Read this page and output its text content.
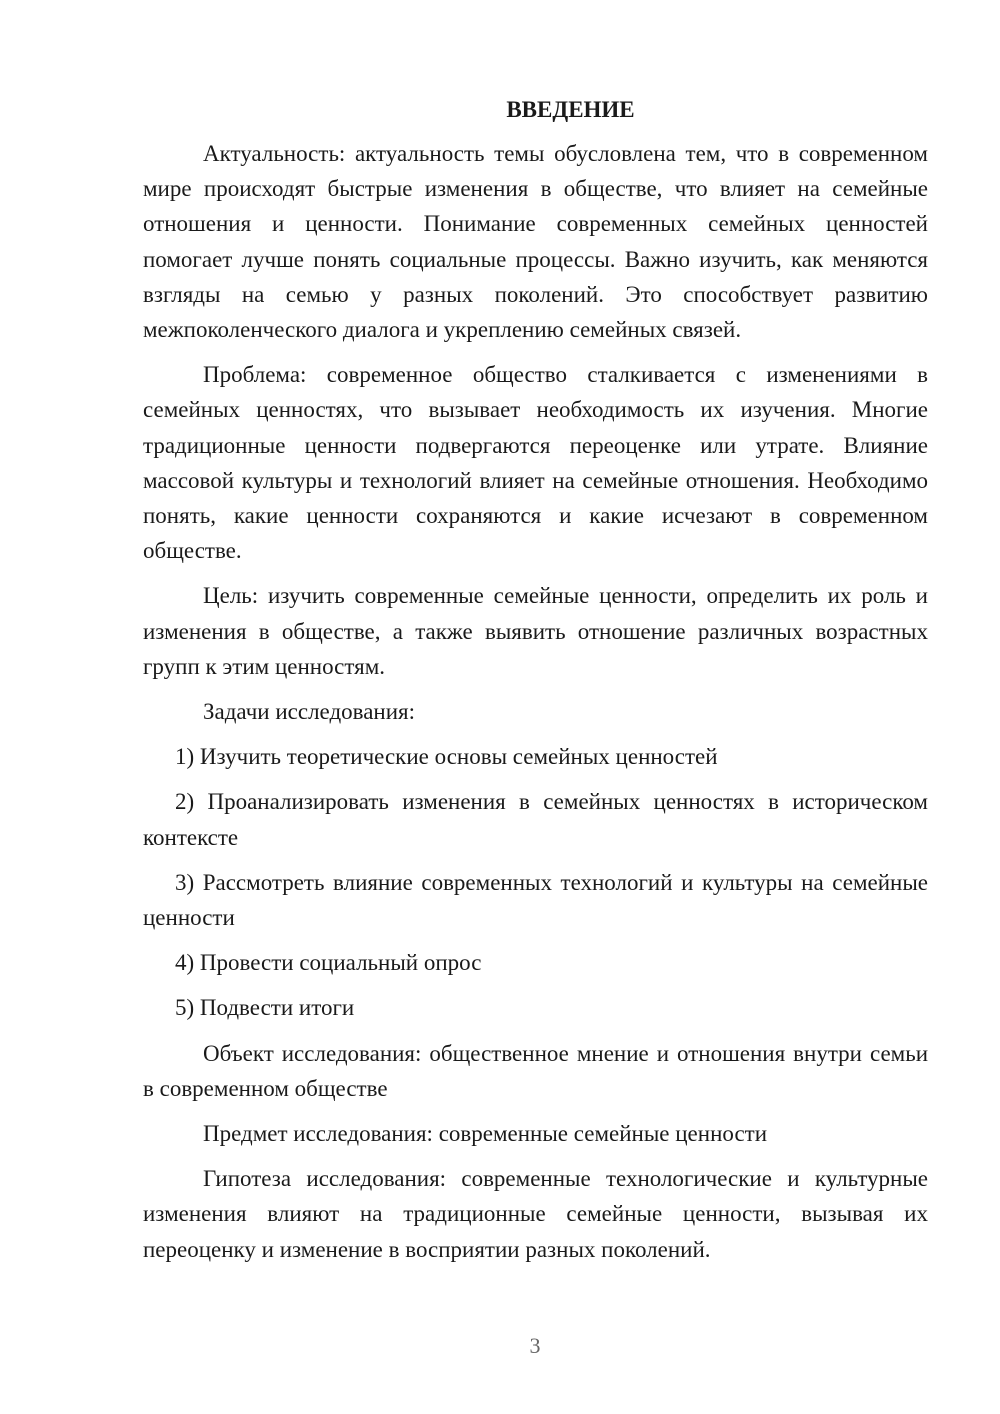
ВВЕДЕНИЕ

Актуальность: актуальность темы обусловлена тем, что в современном мире происходят быстрые изменения в обществе, что влияет на семейные отношения и ценности. Понимание современных семейных ценностей помогает лучше понять социальные процессы. Важно изучить, как меняются взгляды на семью у разных поколений. Это способствует развитию межпоколенческого диалога и укреплению семейных связей.

Проблема: современное общество сталкивается с изменениями в семейных ценностях, что вызывает необходимость их изучения. Многие традиционные ценности подвергаются переоценке или утрате. Влияние массовой культуры и технологий влияет на семейные отношения. Необходимо понять, какие ценности сохраняются и какие исчезают в современном обществе.

Цель: изучить современные семейные ценности, определить их роль и изменения в обществе, а также выявить отношение различных возрастных групп к этим ценностям.

Задачи исследования:

1) Изучить теоретические основы семейных ценностей

2) Проанализировать изменения в семейных ценностях в историческом контексте

3) Рассмотреть влияние современных технологий и культуры на семейные ценности

4) Провести социальный опрос

5) Подвести итоги

Объект исследования: общественное мнение и отношения внутри семьи в современном обществе

Предмет исследования: современные семейные ценности

Гипотеза исследования: современные технологические и культурные изменения влияют на традиционные семейные ценности, вызывая их переоценку и изменение в восприятии разных поколений.

3
